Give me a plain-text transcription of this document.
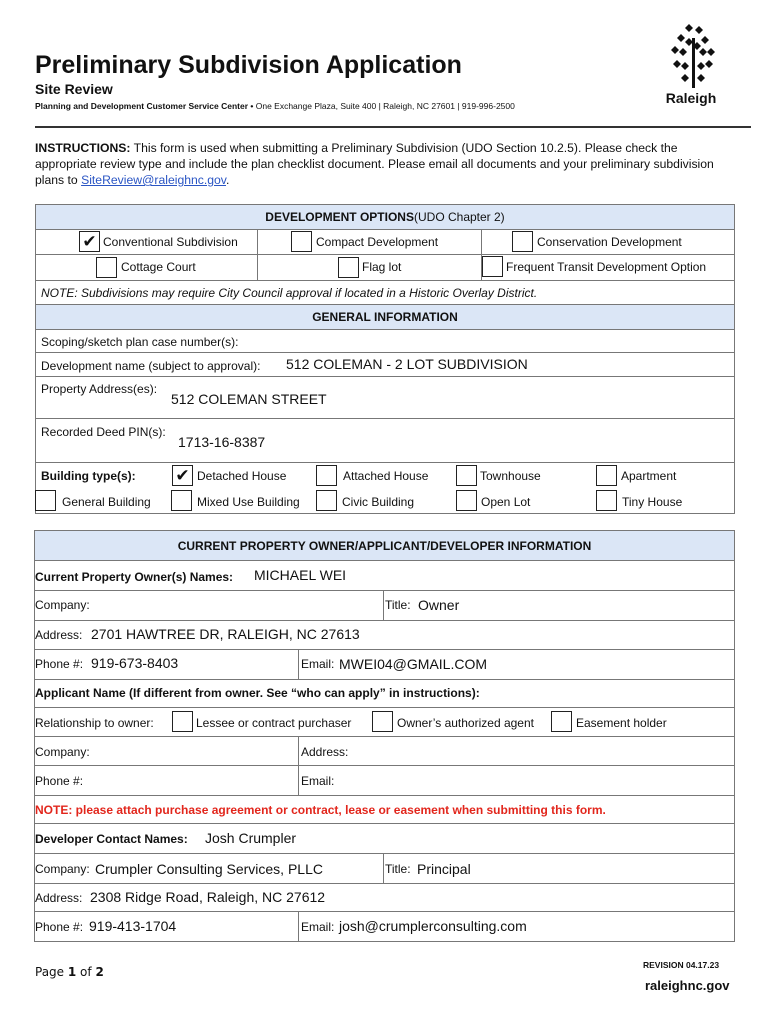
Preliminary Subdivision Application
Site Review
Planning and Development Customer Service Center • One Exchange Plaza, Suite 400 | Raleigh, NC 27601 | 919-996-2500	Raleigh
INSTRUCTIONS: This form is used when submitting a Preliminary Subdivision (UDO Section 10.2.5). Please check the appropriate review type and include the plan checklist document. Please email all documents and your preliminary subdivision plans to SiteReview@raleighnc.gov.
DEVELOPMENT OPTIONS (UDO Chapter 2)
✔ Conventional Subdivision	Compact Development	Conservation Development
Cottage Court	Flag lot	Frequent Transit Development Option
NOTE: Subdivisions may require City Council approval if located in a Historic Overlay District.
GENERAL INFORMATION
Scoping/sketch plan case number(s):
Development name (subject to approval): 512 COLEMAN - 2 LOT SUBDIVISION
Property Address(es):
512 COLEMAN STREET
Recorded Deed PIN(s):
1713-16-8387
Building type(s): ✔ Detached House	Attached House	Townhouse	Apartment
General Building	Mixed Use Building	Civic Building	Open Lot	Tiny House
CURRENT PROPERTY OWNER/APPLICANT/DEVELOPER INFORMATION
Current Property Owner(s) Names: MICHAEL WEI
Company:	Title: Owner
Address: 2701 HAWTREE DR, RALEIGH, NC 27613
Phone #: 919-673-8403	Email: MWEI04@GMAIL.COM
Applicant Name (If different from owner. See “who can apply” in instructions):
Relationship to owner:	Lessee or contract purchaser	Owner’s authorized agent	Easement holder
Company:	Address:
Phone #:	Email:
NOTE: please attach purchase agreement or contract, lease or easement when submitting this form.
Developer Contact Names: Josh Crumpler
Company: Crumpler Consulting Services, PLLC	Title: Principal
Address: 2308 Ridge Road, Raleigh, NC 27612
Phone #: 919-413-1704	Email: josh@crumplerconsulting.com
Page 1 of 2	REVISION 04.17.23
raleighnc.gov
